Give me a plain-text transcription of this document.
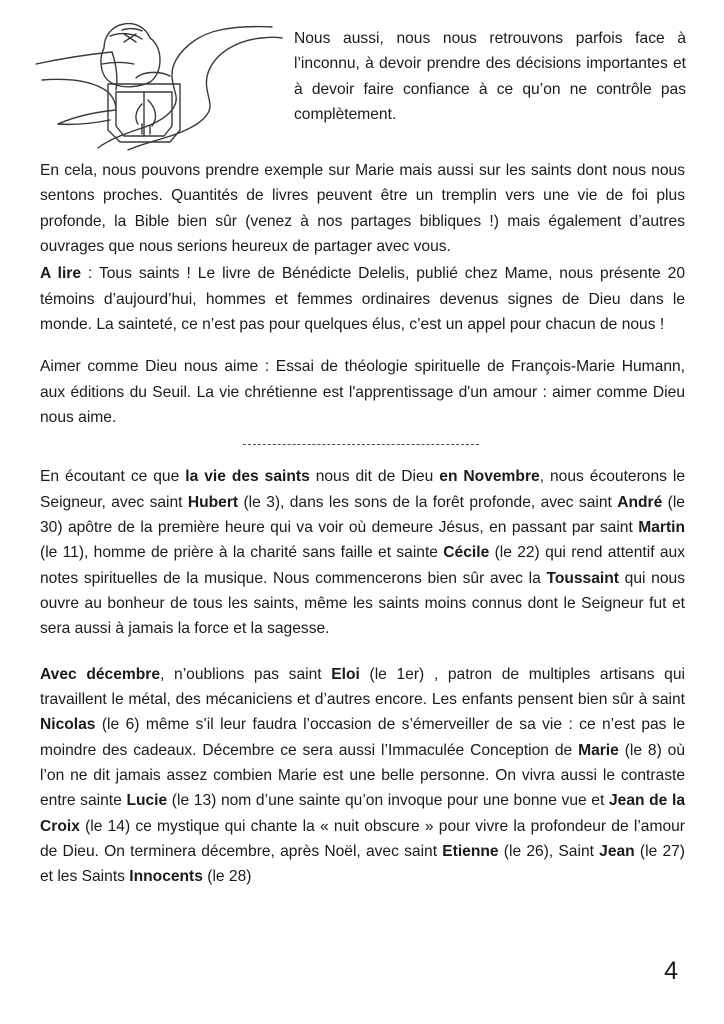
Nous aussi, nous nous retrouvons parfois face à l’inconnu, à devoir prendre des décisions importantes et à devoir faire confiance à ce qu’on ne contrôle pas complètement.

En cela, nous pouvons prendre exemple sur Marie mais aussi sur les saints dont nous nous sentons proches. Quantités de livres peuvent être un tremplin vers une vie de foi plus profonde, la Bible bien sûr (venez à nos partages bibliques !) mais également d’autres ouvrages que nous serions heureux de partager avec vous.

A lire : Tous saints ! Le livre de Bénédicte Delelis, publié chez Mame, nous présente 20 témoins d’aujourd’hui, hommes et femmes ordinaires devenus signes de Dieu dans le monde. La sainteté, ce n’est pas pour quelques élus, c’est un appel pour chacun de nous !

Aimer comme Dieu nous aime : Essai de théologie spirituelle de François-Marie Humann, aux éditions du Seuil. La vie chrétienne est l'apprentissage d'un amour : aimer comme Dieu nous aime.

En écoutant ce que la vie des saints nous dit de Dieu en Novembre, nous écouterons le Seigneur, avec saint Hubert (le 3), dans les sons de la forêt profonde, avec saint André (le 30) apôtre de la première heure qui va voir où demeure Jésus, en passant par saint Martin (le 11), homme de prière à la charité sans faille et sainte Cécile (le 22) qui rend attentif aux notes spirituelles de la musique. Nous commencerons bien sûr avec la Toussaint qui nous ouvre au bonheur de tous les saints, même les saints moins connus dont le Seigneur fut et sera aussi à jamais la force et la sagesse.

Avec décembre, n’oublions pas saint Eloi (le 1er) , patron de multiples artisans qui travaillent le métal, des mécaniciens et d’autres encore. Les enfants pensent bien sûr à saint Nicolas (le 6) même s’il leur faudra l’occasion de s’émerveiller de sa vie : ce n’est pas le moindre des cadeaux. Décembre ce sera aussi l’Immaculée Conception de Marie (le 8) où l’on ne dit jamais assez combien Marie est une belle personne. On vivra aussi le contraste entre sainte Lucie (le 13) nom d’une sainte qu’on invoque pour une bonne vue et Jean de la Croix (le 14) ce mystique qui chante la « nuit obscure » pour vivre la profondeur de l’amour de Dieu. On terminera décembre, après Noël, avec saint Etienne (le 26), Saint Jean (le 27) et les Saints Innocents (le 28)

4
